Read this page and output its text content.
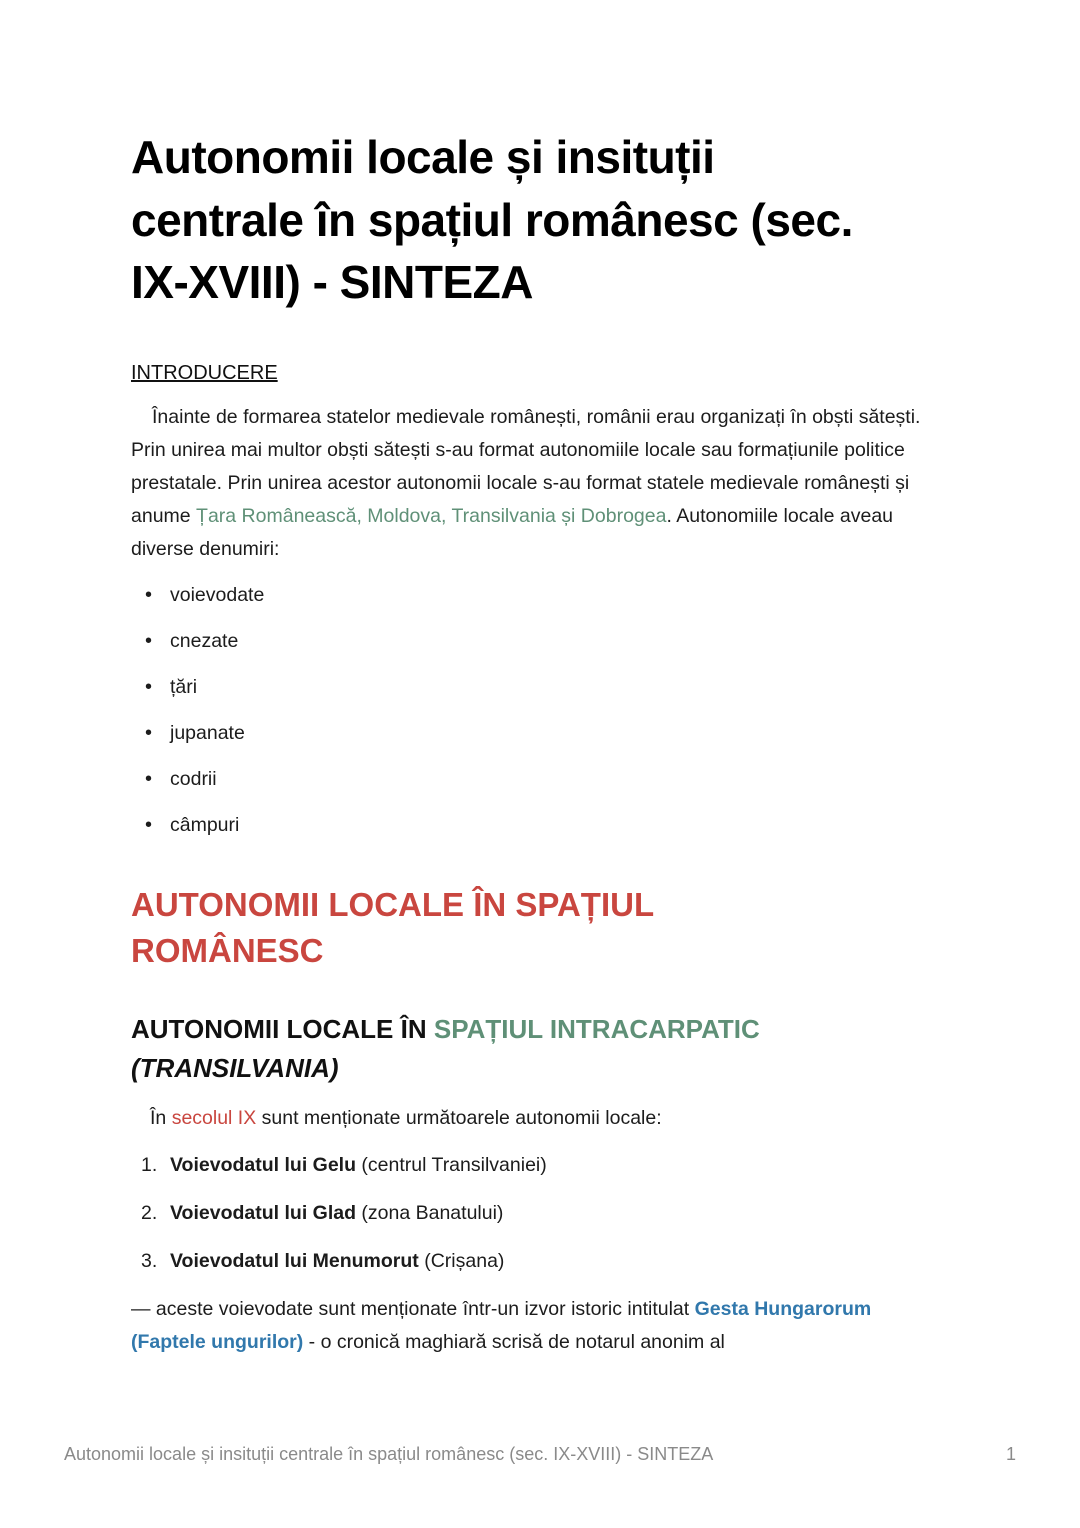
Autonomii locale și insituții centrale în spațiul românesc (sec. IX-XVIII) - SINTEZA
INTRODUCERE

Înainte de formarea statelor medievale românești, românii erau organizați în obști sătești. Prin unirea mai multor obști sătești s-au format autonomiile locale sau formațiunile politice prestatale. Prin unirea acestor autonomii locale s-au format statele medievale românești și anume Țara Românească, Moldova, Transilvania și Dobrogea. Autonomiile locale aveau diverse denumiri:

• voievodate
• cnezate
• țări
• jupanate
• codrii
• câmpuri
AUTONOMII LOCALE ÎN SPAȚIUL ROMÂNESC
AUTONOMII LOCALE ÎN SPAȚIUL INTRACARPATIC (TRANSILVANIA)

În secolul IX sunt menționate următoarele autonomii locale:

1. Voievodatul lui Gelu (centrul Transilvaniei)
2. Voievodatul lui Glad (zona Banatului)
3. Voievodatul lui Menumorut (Crișana)

— aceste voievodate sunt menționate într-un izvor istoric intitulat Gesta Hungarorum (Faptele ungurilor) - o cronică maghiară scrisă de notarul anonim al

Autonomii locale și insituții centrale în spațiul românesc (sec. IX-XVIII) - SINTEZA	1
